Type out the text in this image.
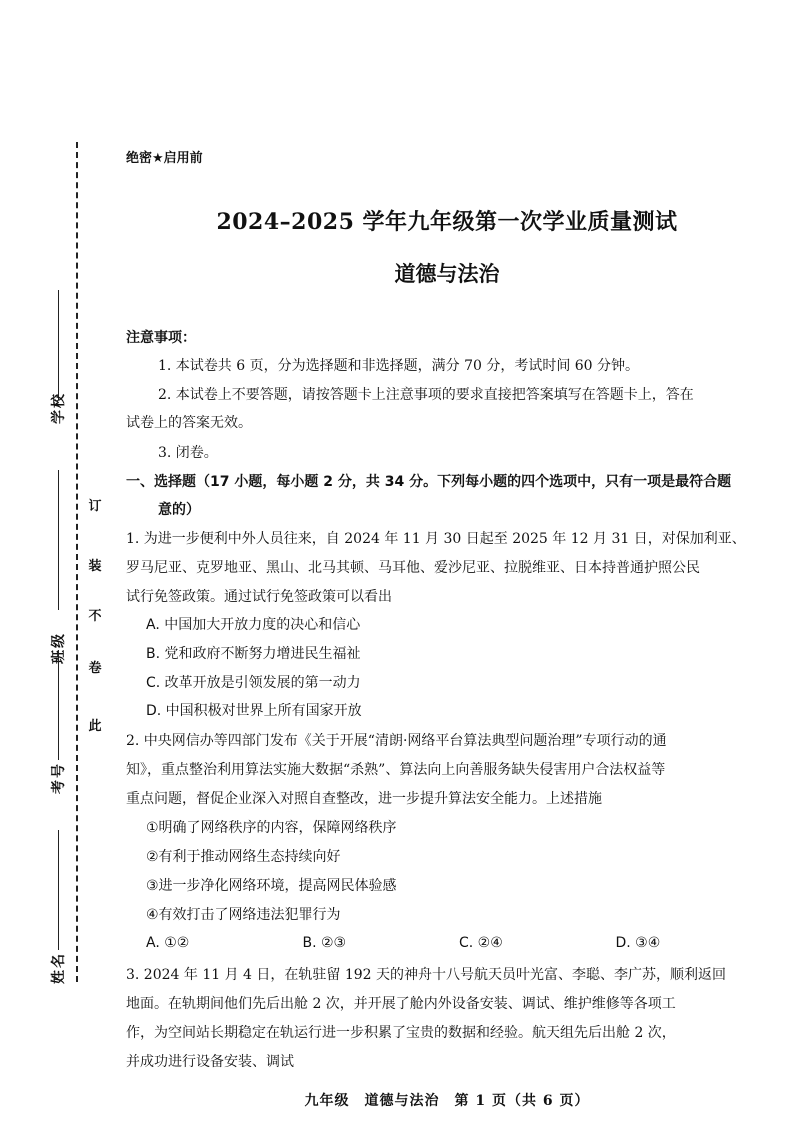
学校
班级
考号
姓名
订
装
不
卷
此
绝密★启用前
2024–2025 学年九年级第一次学业质量测试
道德与法治
注意事项：
1. 本试卷共 6 页，分为选择题和非选择题，满分 70 分，考试时间 60 分钟。
2. 本试卷上不要答题，请按答题卡上注意事项的要求直接把答案填写在答题卡上，答在
试卷上的答案无效。
3. 闭卷。
一、选择题（17 小题，每小题 2 分，共 34 分。下列每小题的四个选项中，只有一项是最符合题
意的）
1. 为进一步便利中外人员往来，自 2024 年 11 月 30 日起至 2025 年 12 月 31 日，对保加利亚、
罗马尼亚、克罗地亚、黑山、北马其顿、马耳他、爱沙尼亚、拉脱维亚、日本持普通护照公民
试行免签政策。通过试行免签政策可以看出
A. 中国加大开放力度的决心和信心
B. 党和政府不断努力增进民生福祉
C. 改革开放是引领发展的第一动力
D. 中国积极对世界上所有国家开放
2. 中央网信办等四部门发布《关于开展“清朗·网络平台算法典型问题治理”专项行动的通
知》，重点整治利用算法实施大数据“杀熟”、算法向上向善服务缺失侵害用户合法权益等
重点问题，督促企业深入对照自查整改，进一步提升算法安全能力。上述措施
①明确了网络秩序的内容，保障网络秩序
②有利于推动网络生态持续向好
③进一步净化网络环境，提高网民体验感
④有效打击了网络违法犯罪行为
A. ①②	B. ②③	C. ②④	D. ③④
3. 2024 年 11 月 4 日，在轨驻留 192 天的神舟十八号航天员叶光富、李聪、李广苏，顺利返回
地面。在轨期间他们先后出舱 2 次，并开展了舱内外设备安装、调试、维护维修等各项工
作，为空间站长期稳定在轨运行进一步积累了宝贵的数据和经验。航天组先后出舱 2 次，
并成功进行设备安装、调试
九年级　道德与法治　第 1 页（共 6 页）
